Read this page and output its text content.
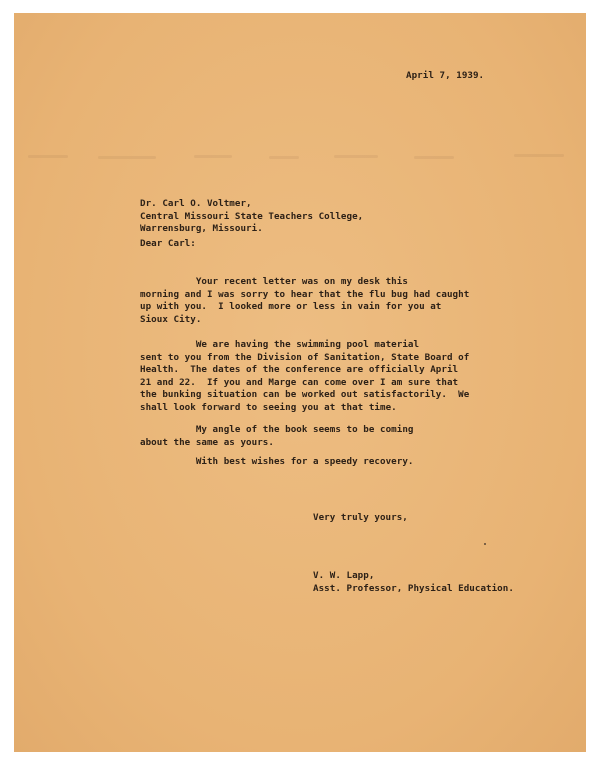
April 7, 1939.
Dr. Carl O. Voltmer,
Central Missouri State Teachers College,
Warrensburg, Missouri.
Dear Carl:
Your recent letter was on my desk this
morning and I was sorry to hear that the flu bug had caught
up with you.  I looked more or less in vain for you at
Sioux City.
We are having the swimming pool material
sent to you from the Division of Sanitation, State Board of
Health.  The dates of the conference are officially April
21 and 22.  If you and Marge can come over I am sure that
the bunking situation can be worked out satisfactorily.  We
shall look forward to seeing you at that time.
My angle of the book seems to be coming
about the same as yours.
With best wishes for a speedy recovery.
Very truly yours,
V. W. Lapp,
Asst. Professor, Physical Education.
